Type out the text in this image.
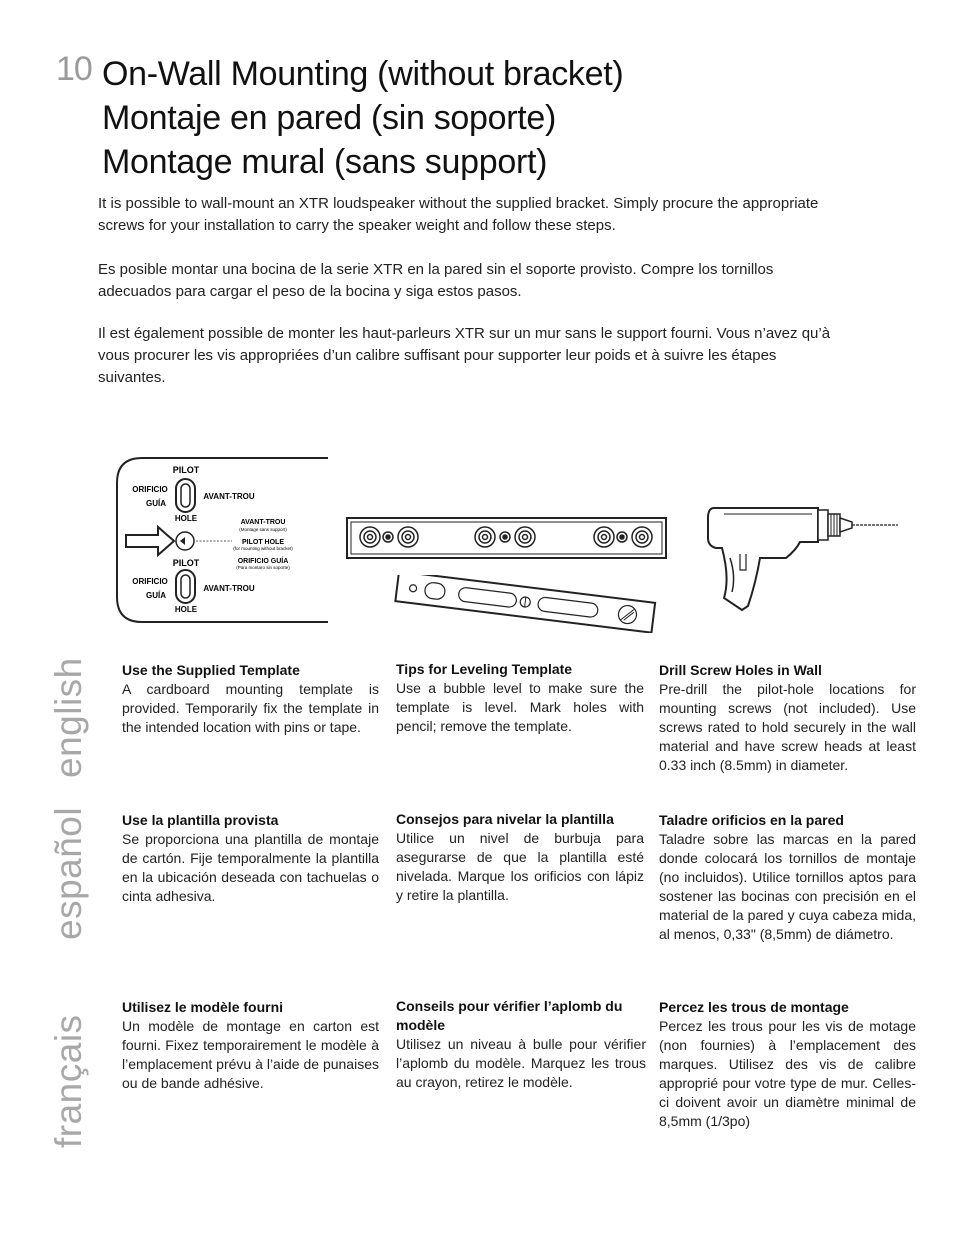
10 On-Wall Mounting (without bracket)
Montaje en pared (sin soporte)
Montage mural (sans support)
It is possible to wall-mount an XTR loudspeaker without the supplied bracket. Simply procure the appropriate screws for your installation to carry the speaker weight and follow these steps.
Es posible montar una bocina de la serie XTR en la pared sin el soporte provisto. Compre los tornillos adecuados para cargar el peso de la bocina y siga estos pasos.
Il est également possible de monter les haut-parleurs XTR sur un mur sans le support fourni. Vous n’avez qu’à vous procurer les vis appropriées d’un calibre suffisant pour supporter leur poids et à suivre les étapes suivantes.
PILOT
ORIFICIO
GUÍA
AVANT-TROU
HOLE	AVANT-TROU
(Montage sans support)
PILOT HOLE
(for mounting without bracket)
ORIFICIO GUÍA
(Para montaro sin soporte)
PILOT
ORIFICIO
GUÍA
AVANT-TROU
HOLE
english
español
français
Use the Supplied Template

A cardboard mounting template is provided. Temporarily fix the template in the intended location with pins or tape.

Tips for Leveling Template

Use a bubble level to make sure the template is level. Mark holes with pencil; remove the template.

Drill Screw Holes in Wall

Pre-drill the pilot-hole locations for mounting screws (not included). Use screws rated to hold securely in the wall material and have screw heads at least 0.33 inch (8.5mm) in diameter.

Use la plantilla provista

Se proporciona una plantilla de montaje de cartón. Fije temporalmente la plantilla en la ubicación deseada con tachuelas o cinta adhesiva.

Consejos para nivelar la plantilla

Utilice un nivel de burbuja para asegurarse de que la plantilla esté nivelada. Marque los orificios con lápiz y retire la plantilla.

Taladre orificios en la pared

Taladre sobre las marcas en la pared donde colocará los tornillos de montaje (no incluidos). Utilice tornillos aptos para sostener las bocinas con precisión en el material de la pared y cuya cabeza mida, al menos, 0,33" (8,5mm) de diámetro.

Utilisez le modèle fourni

Un modèle de montage en carton est fourni. Fixez temporairement le modèle à l’emplacement prévu à l’aide de punaises ou de bande adhésive.

Conseils pour vérifier l’aplomb du modèle

Utilisez un niveau à bulle pour vérifier l’aplomb du modèle. Marquez les trous au crayon, retirez le modèle.

Percez les trous de montage

Percez les trous pour les vis de motage (non fournies) à l’emplacement des marques. Utilisez des vis de calibre approprié pour votre type de mur. Celles-ci doivent avoir un diamètre minimal de 8,5mm (1/3po)
